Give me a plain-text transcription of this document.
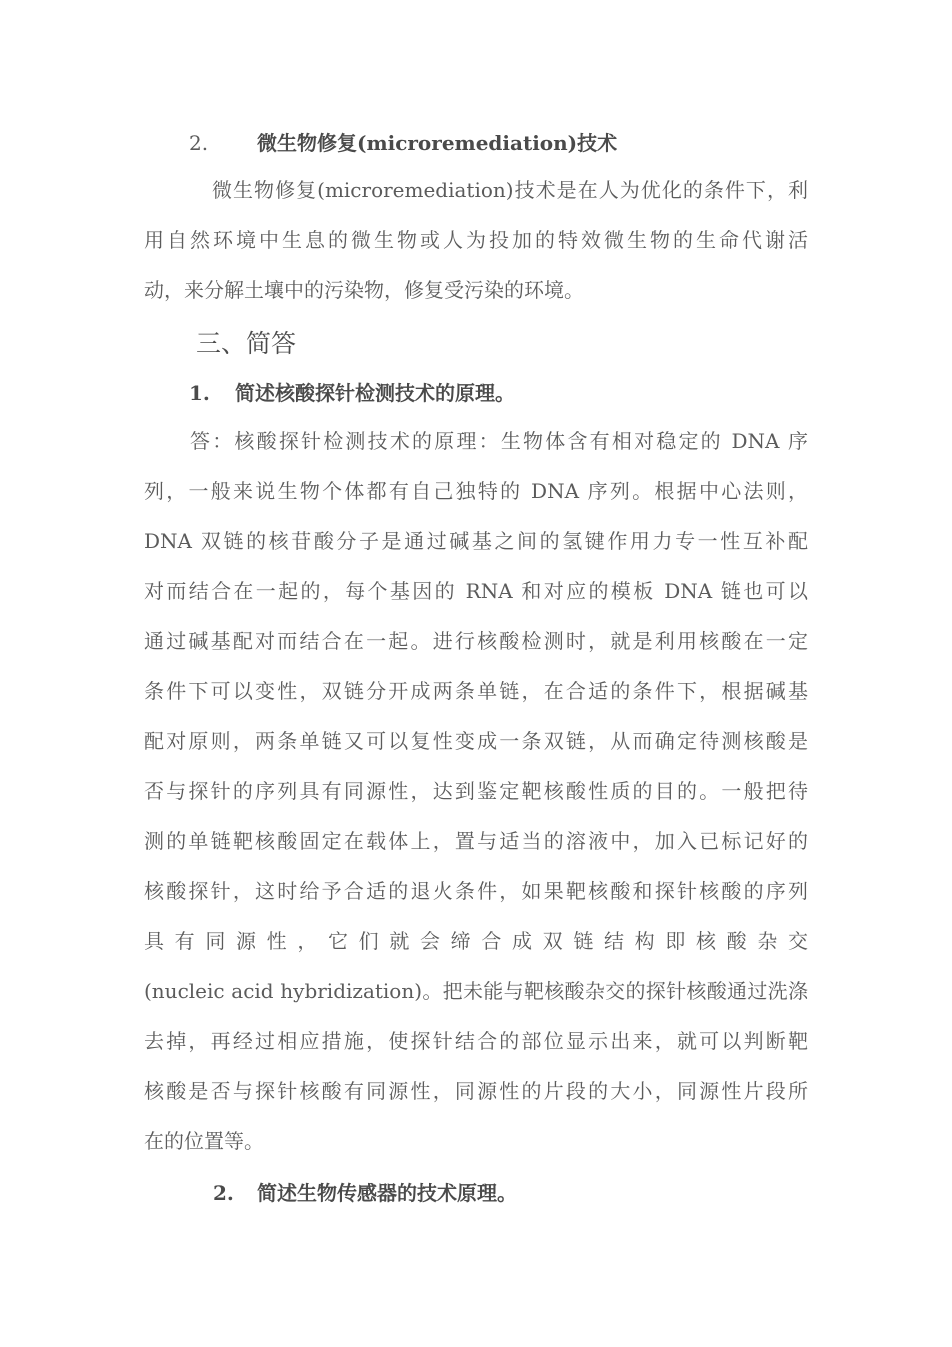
2. 微生物修复(microremediation)技术
微生物修复(microremediation)技术是在人为优化的条件下，利
用自然环境中生息的微生物或人为投加的特效微生物的生命代谢活
动，来分解土壤中的污染物，修复受污染的环境。
三、简答
1. 简述核酸探针检测技术的原理。
答：核酸探针检测技术的原理：生物体含有相对稳定的 DNA 序
列，一般来说生物个体都有自己独特的 DNA 序列。根据中心法则，
DNA 双链的核苷酸分子是通过碱基之间的氢键作用力专一性互补配
对而结合在一起的，每个基因的 RNA 和对应的模板 DNA 链也可以
通过碱基配对而结合在一起。进行核酸检测时，就是利用核酸在一定
条件下可以变性，双链分开成两条单链，在合适的条件下，根据碱基
配对原则，两条单链又可以复性变成一条双链，从而确定待测核酸是
否与探针的序列具有同源性，达到鉴定靶核酸性质的目的。一般把待
测的单链靶核酸固定在载体上，置与适当的溶液中，加入已标记好的
核酸探针，这时给予合适的退火条件，如果靶核酸和探针核酸的序列
具有同源性，它们就会缔合成双链结构即核酸杂交
(nucleic acid hybridization)。把未能与靶核酸杂交的探针核酸通过洗涤
去掉，再经过相应措施，使探针结合的部位显示出来，就可以判断靶
核酸是否与探针核酸有同源性，同源性的片段的大小，同源性片段所
在的位置等。
2. 简述生物传感器的技术原理。
